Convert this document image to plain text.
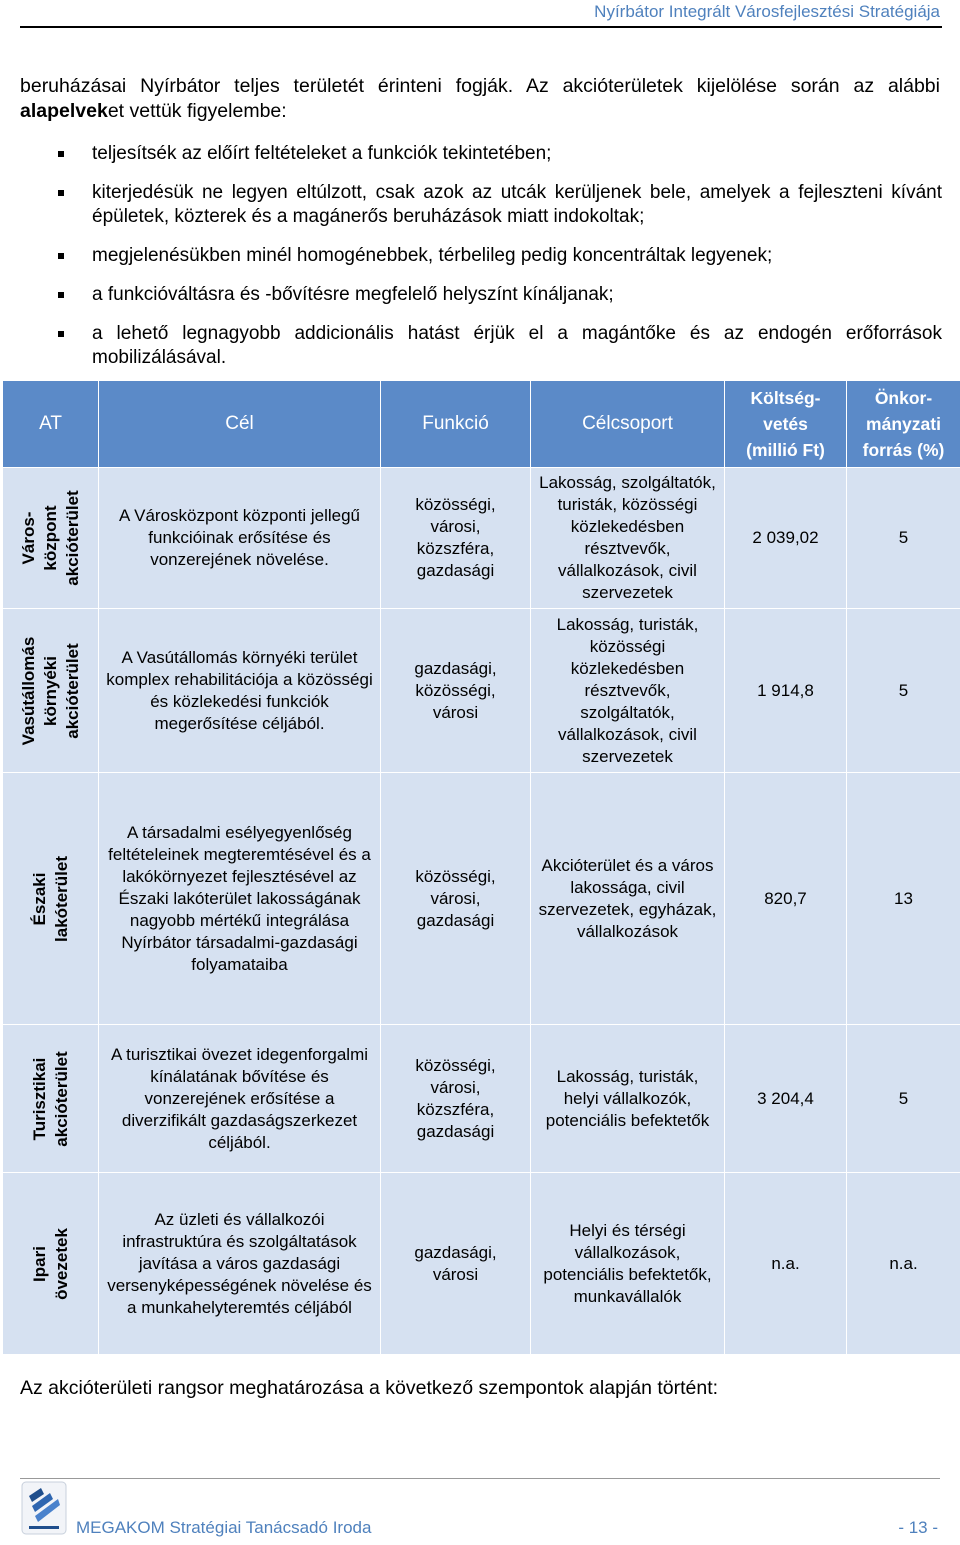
Nyírbátor Integrált Városfejlesztési Stratégiája

beruházásai Nyírbátor teljes területét érinteni fogják. Az akcióterületek kijelölése során az alábbi alapelveket vettük figyelembe:

teljesítsék az előírt feltételeket a funkciók tekintetében;
kiterjedésük ne legyen eltúlzott, csak azok az utcák kerüljenek bele, amelyek a fejleszteni kívánt épületek, közterek és a magánerős beruházások miatt indokoltak;
megjelenésükben minél homogénebbek, térbelileg pedig koncentráltak legyenek;
a funkcióváltásra és -bővítésre megfelelő helyszínt kínáljanak;
a lehető legnagyobb addicionális hatást érjük el a magántőke és az endogén erőforrások mobilizálásával.
AT	Cél	Funkció	Célcsoport	Költség-
vetés
(millió Ft)	Önkor-
mányzati
forrás (%)

Város-
központ
akcióterület	A Városközpont központi jellegű funkcióinak erősítése és vonzerejének növelése.	közösségi,
városi,
közszféra,
gazdasági	Lakosság, szolgáltatók, turisták, közösségi közlekedésben résztvevők, vállalkozások, civil szervezetek	2 039,02	5

Vasútállomás
környéki
akcióterület	A Vasútállomás környéki terület komplex rehabilitációja a közösségi és közlekedési funkciók megerősítése céljából.	gazdasági,
közösségi,
városi	Lakosság, turisták, közösségi közlekedésben résztvevők, szolgáltatók, vállalkozások, civil szervezetek	1 914,8	5

Északi lakóterület	A társadalmi esélyegyenlőség feltételeinek megteremtésével és a lakókörnyezet fejlesztésével az Északi lakóterület lakosságának nagyobb mértékű integrálása Nyírbátor társadalmi-gazdasági folyamataiba	közösségi,
városi,
gazdasági	Akcióterület és a város lakossága, civil szervezetek, egyházak, vállalkozások	820,7	13

Turisztikai
akcióterület	A turisztikai övezet idegenforgalmi kínálatának bővítése és vonzerejének erősítése a diverzifikált gazdaságszerkezet céljából.	közösségi,
városi,
közszféra,
gazdasági	Lakosság, turisták, helyi vállalkozók, potenciális befektetők	3 204,4	5

Ipari övezetek	Az üzleti és vállalkozói infrastruktúra és szolgáltatások javítása a város gazdasági versenyképességének növelése és a munkahelyteremtés céljából	gazdasági,
városi	Helyi és térségi vállalkozások, potenciális befektetők, munkavállalók	n.a.	n.a.
Az akcióterületi rangsor meghatározása a következő szempontok alapján történt:
MEGAKOM Stratégiai Tanácsadó Iroda	- 13 -
